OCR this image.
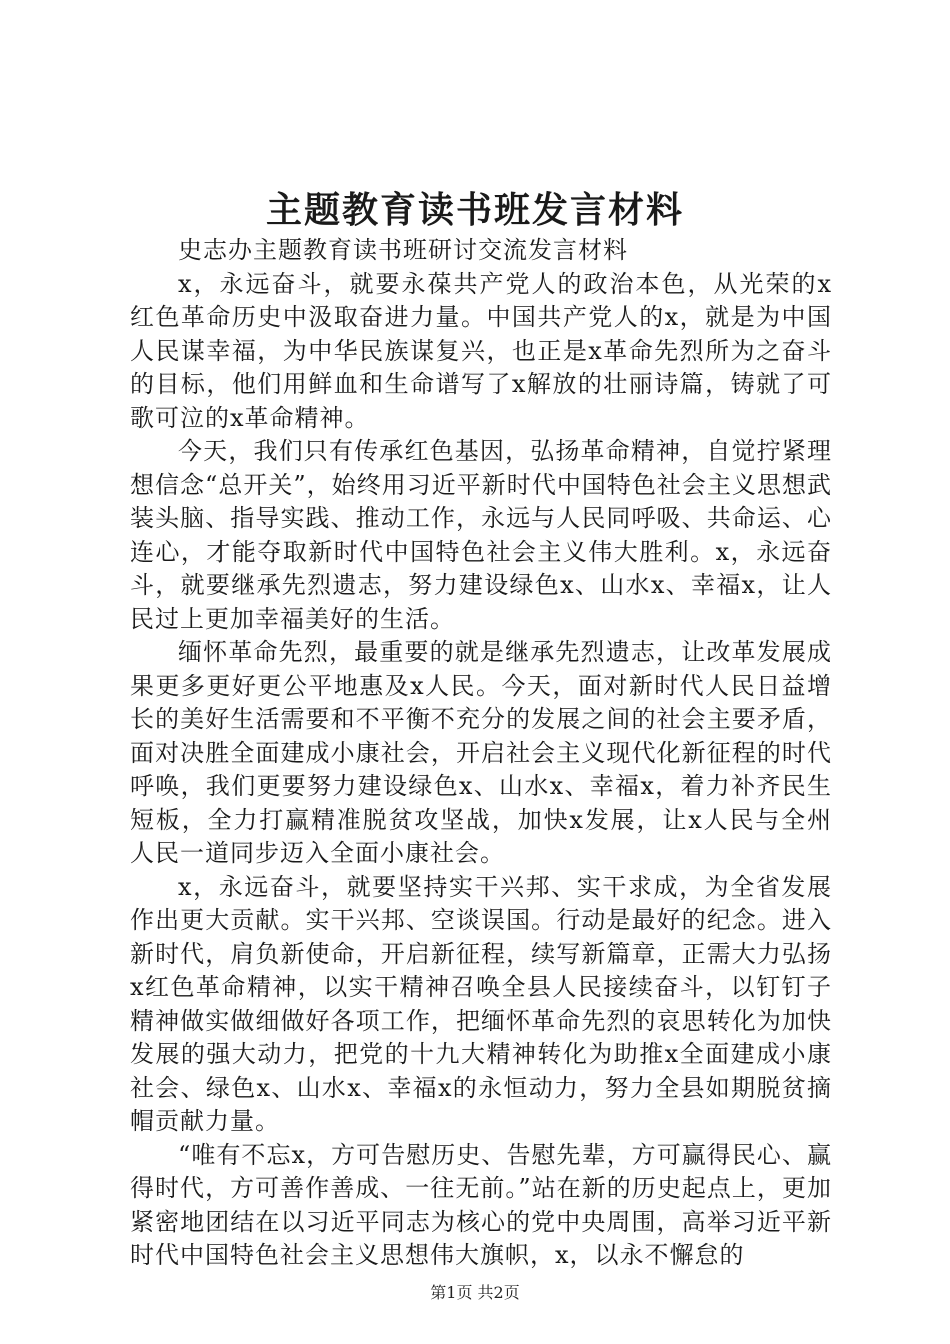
主题教育读书班发言材料

史志办主题教育读书班研讨交流发言材料

x，永远奋斗，就要永葆共产党人的政治本色，从光荣的x红色革命历史中汲取奋进力量。中国共产党人的x，就是为中国人民谋幸福，为中华民族谋复兴，也正是x革命先烈所为之奋斗的目标，他们用鲜血和生命谱写了x解放的壮丽诗篇，铸就了可歌可泣的x革命精神。

今天，我们只有传承红色基因，弘扬革命精神，自觉拧紧理想信念“总开关”，始终用习近平新时代中国特色社会主义思想武装头脑、指导实践、推动工作，永远与人民同呼吸、共命运、心连心，才能夺取新时代中国特色社会主义伟大胜利。x，永远奋斗，就要继承先烈遗志，努力建设绿色x、山水x、幸福x，让人民过上更加幸福美好的生活。

缅怀革命先烈，最重要的就是继承先烈遗志，让改革发展成果更多更好更公平地惠及x人民。今天，面对新时代人民日益增长的美好生活需要和不平衡不充分的发展之间的社会主要矛盾，面对决胜全面建成小康社会，开启社会主义现代化新征程的时代呼唤，我们更要努力建设绿色x、山水x、幸福x，着力补齐民生短板，全力打赢精准脱贫攻坚战，加快x发展，让x人民与全州人民一道同步迈入全面小康社会。

x，永远奋斗，就要坚持实干兴邦、实干求成，为全省发展作出更大贡献。实干兴邦、空谈误国。行动是最好的纪念。进入新时代，肩负新使命，开启新征程，续写新篇章，正需大力弘扬x红色革命精神，以实干精神召唤全县人民接续奋斗，以钉钉子精神做实做细做好各项工作，把缅怀革命先烈的哀思转化为加快发展的强大动力，把党的十九大精神转化为助推x全面建成小康社会、绿色x、山水x、幸福x的永恒动力，努力全县如期脱贫摘帽贡献力量。

“唯有不忘x，方可告慰历史、告慰先辈，方可赢得民心、赢得时代，方可善作善成、一往无前。”站在新的历史起点上，更加紧密地团结在以习近平同志为核心的党中央周围，高举习近平新时代中国特色社会主义思想伟大旗帜，x，以永不懈怠的

第1页 共2页
